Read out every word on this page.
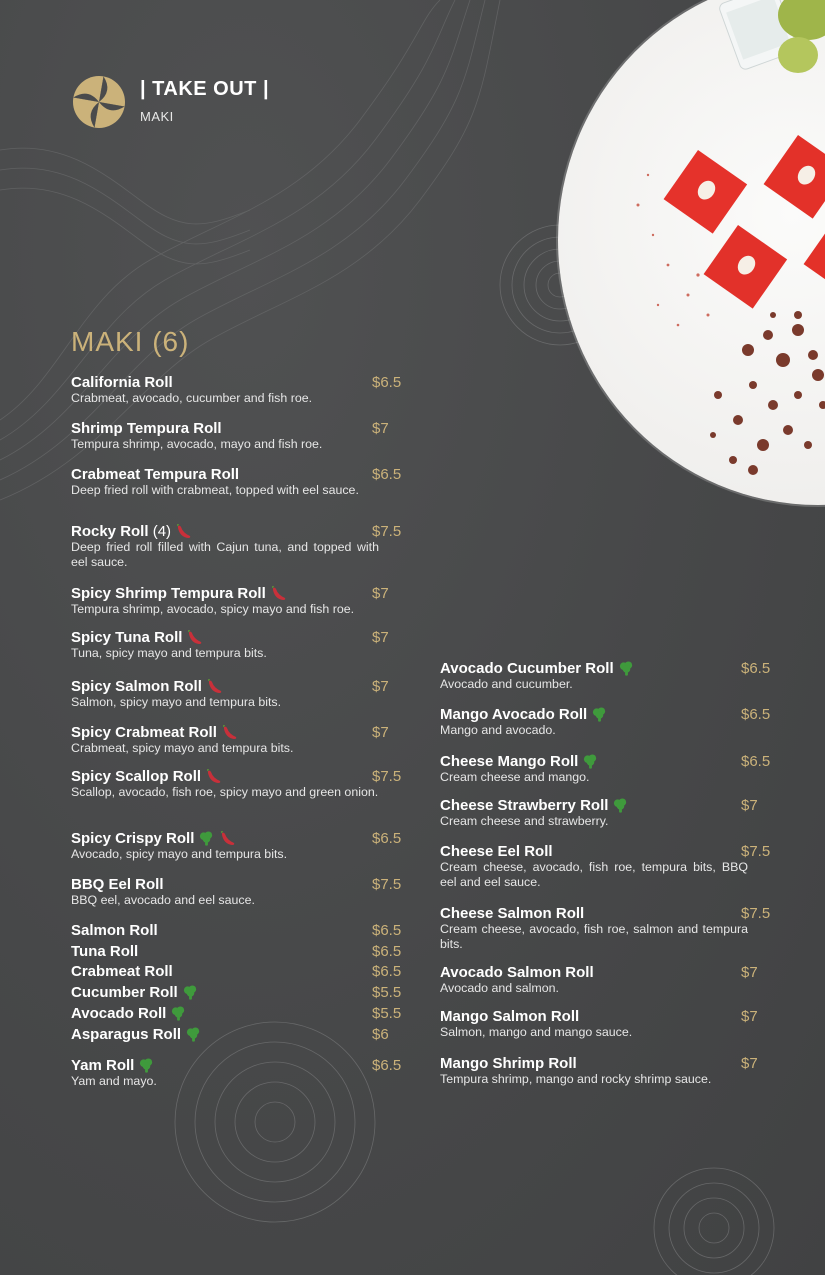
| TAKE OUT |
MAKI
MAKI (6)
California Roll	$6.5
Crabmeat, avocado, cucumber and fish roe.
Shrimp Tempura Roll	$7
Tempura shrimp, avocado, mayo and fish roe.
Crabmeat Tempura Roll	$6.5
Deep fried roll with crabmeat, topped with eel sauce.
Rocky Roll (4)	$7.5
Deep fried roll filled with Cajun tuna, and topped with eel sauce.
Spicy Shrimp Tempura Roll	$7
Tempura shrimp, avocado, spicy mayo and fish roe.
Spicy Tuna Roll	$7
Tuna, spicy mayo and tempura bits.
Spicy Salmon Roll	$7
Salmon, spicy mayo and tempura bits.
Spicy Crabmeat Roll	$7
Crabmeat, spicy mayo and tempura bits.
Spicy Scallop Roll	$7.5
Scallop, avocado, fish roe, spicy mayo and green onion.
Spicy Crispy Roll	$6.5
Avocado, spicy mayo and tempura bits.
BBQ Eel Roll	$7.5
BBQ eel, avocado and eel sauce.
Salmon Roll	$6.5
Tuna Roll	$6.5
Crabmeat Roll	$6.5
Cucumber Roll	$5.5
Avocado Roll	$5.5
Asparagus Roll	$6
Yam Roll	$6.5
Yam and mayo.
Avocado Cucumber Roll	$6.5
Avocado and cucumber.
Mango Avocado Roll	$6.5
Mango and avocado.
Cheese Mango Roll	$6.5
Cream cheese and mango.
Cheese Strawberry Roll	$7
Cream cheese and strawberry.
Cheese Eel Roll	$7.5
Cream cheese, avocado, fish roe, tempura bits, BBQ eel and eel sauce.
Cheese Salmon Roll	$7.5
Cream cheese, avocado, fish roe, salmon and tempura bits.
Avocado Salmon Roll	$7
Avocado and salmon.
Mango Salmon Roll	$7
Salmon, mango and mango sauce.
Mango Shrimp Roll	$7
Tempura shrimp, mango and rocky shrimp sauce.
